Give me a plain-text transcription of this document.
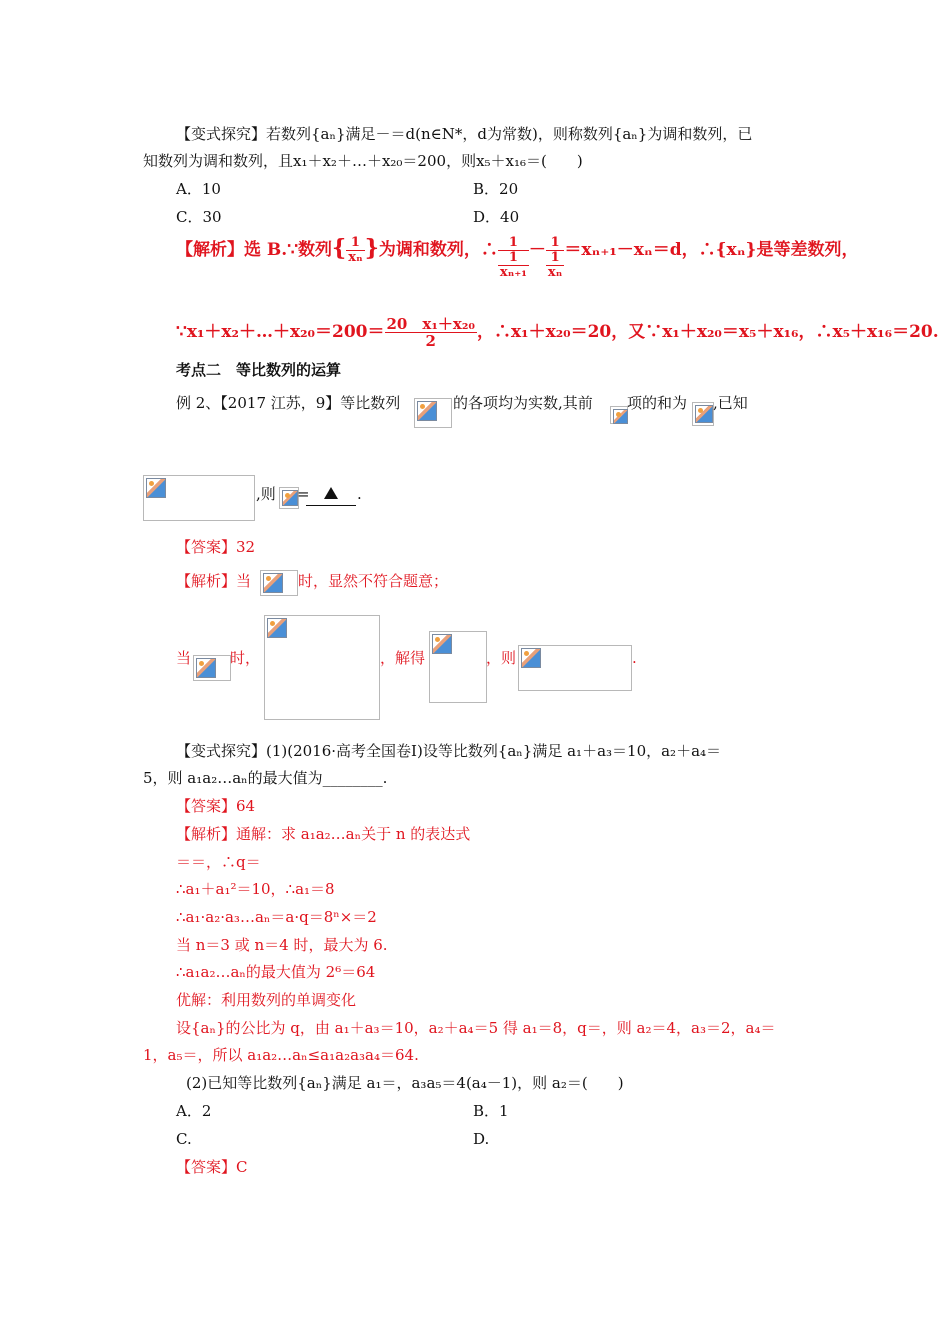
【变式探究】若数列{aₙ}满足－＝d(n∈N*，d为常数)，则称数列{aₙ}为调和数列，已
知数列为调和数列，且x₁＋x₂＋…＋x₂₀＝200，则x₅＋x₁₆＝(　　)
A．10	B．20
C．30	D．40
【解析】选 B.∵数列{ $\frac{1}{\text{xₙ}}$ }为调和数列，∴ 1
1
xₙ₊₁
－ 1
1
xₙ
＝xₙ₊₁－xₙ＝d，∴{xₙ}是等差数列，
∵x₁＋x₂＋…＋x₂₀＝200＝ $\frac{\text{20　x₁＋x₂₀}}{2}$ ，∴x₁＋x₂₀＝20，又∵x₁＋x₂₀＝x₅＋x₁₆，∴x₅＋x₁₆＝20.
考点二　等比数列的运算
例 2、【2017 江苏，9】等比数列	的各项均为实数,其前 项的和为 ,已知
,则 =	.
【答案】32
【解析】当	时，显然不符合题意；
当	时，	，解得	，则	.
【变式探究】(1)(2016·高考全国卷Ⅰ)设等比数列{aₙ}满足 a₁＋a₃＝10，a₂＋a₄＝
5，则 a₁a₂…aₙ的最大值为________.
【答案】64
【解析】通解：求 a₁a₂…aₙ关于 n 的表达式
＝＝，∴q＝
∴a₁＋a₁²＝10，∴a₁＝8
∴a₁·a₂·a₃…aₙ＝a·q＝8ⁿ×＝2
当 n＝3 或 n＝4 时，最大为 6.
∴a₁a₂…aₙ的最大值为 2⁶＝64
优解：利用数列的单调变化
设{aₙ}的公比为 q，由 a₁＋a₃＝10，a₂＋a₄＝5 得 a₁＝8，q＝，则 a₂＝4，a₃＝2，a₄＝
1，a₅＝，所以 a₁a₂…aₙ≤a₁a₂a₃a₄＝64.
(2)已知等比数列{aₙ}满足 a₁＝，a₃a₅＝4(a₄－1)，则 a₂＝(　　)
A．2	B．1
C.	D.
【答案】C
